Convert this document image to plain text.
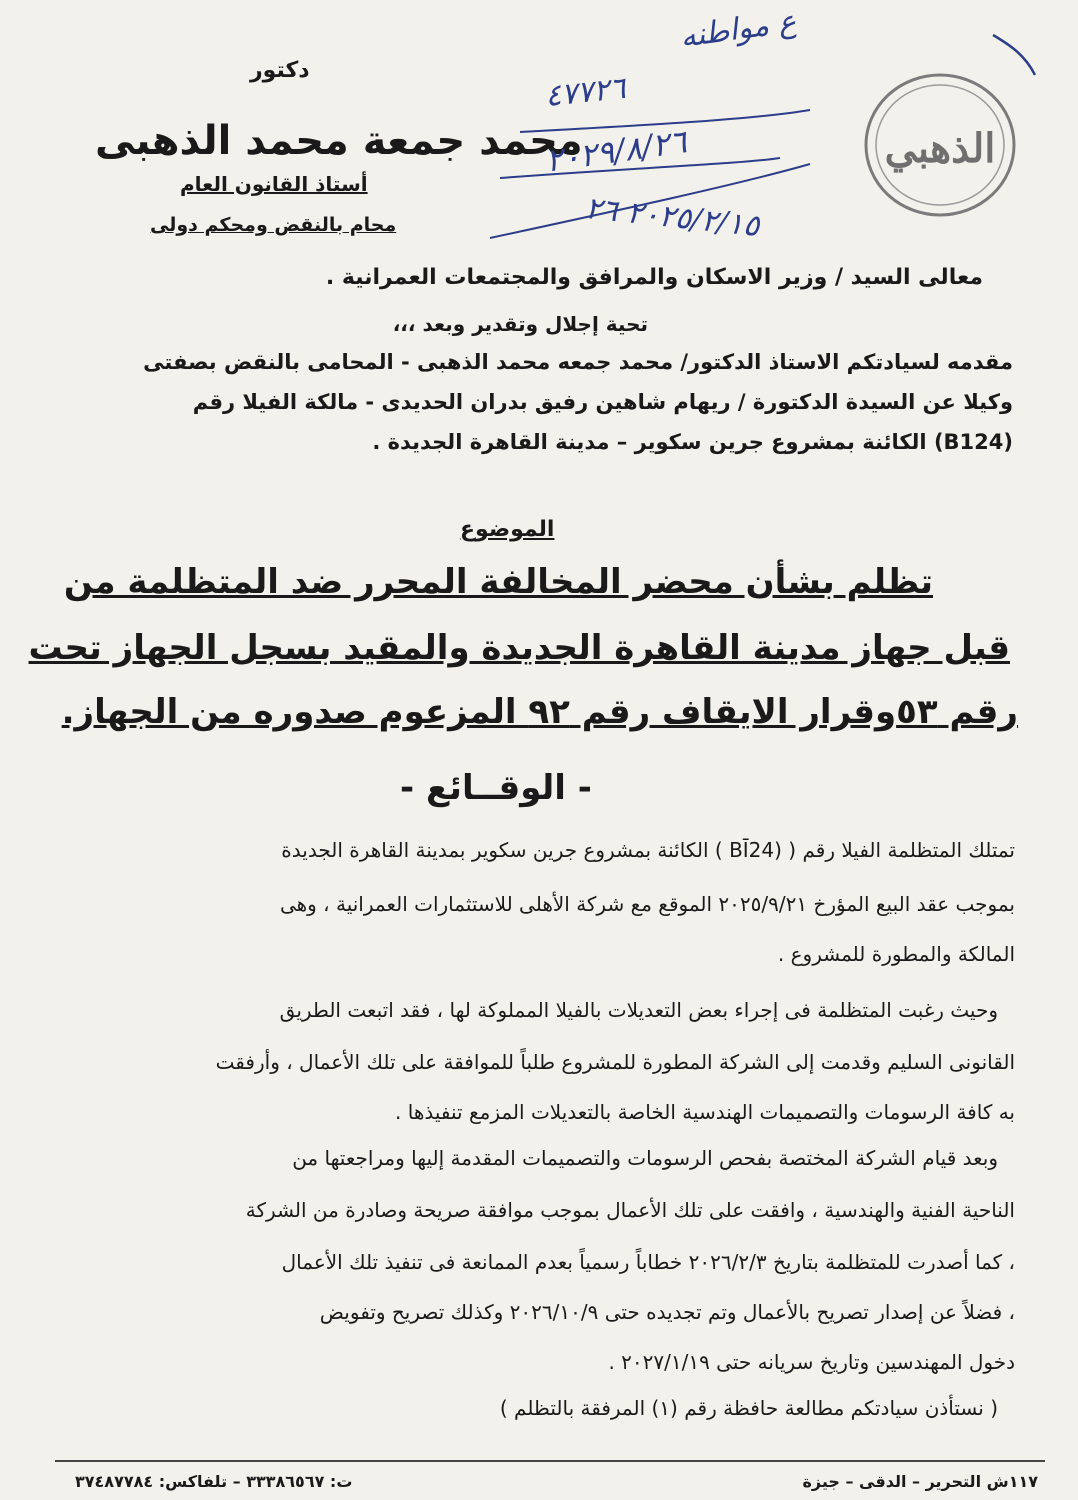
دكتور
محمد جمعة محمد الذهبى
أستاذ القانون العام
محام بالنقض ومحكم دولى
ع مواطنه
٤٧٧٢٦
٢٠٢٩/٨/٢٦
٢٠٢٥/٢/١٥ ٢٦
الذهبي
معالى السيد / وزير الاسكان والمرافق والمجتمعات العمرانية .
تحية إجلال وتقدير وبعد ،،،
مقدمه لسيادتكم الاستاذ الدكتور/ محمد جمعه محمد الذهبى - المحامى بالنقض بصفتى
وكيلا عن السيدة الدكتورة / ريهام شاهين رفيق بدران الحديدى - مالكة الفيلا رقم
(B124) الكائنة بمشروع جرين سكوير – مدينة القاهرة الجديدة .
الموضوع
تظلم بشأن محضر المخالفة المحرر ضد المتظلمة من
قبل جهاز مدينة القاهرة الجديدة والمقيد بسجل الجهاز تحت
رقم ٥٣وقرار الايقاف رقم ٩٢ المزعوم صدوره من الجهاز.
- الوقــائع -
تمتلك المتظلمة الفيلا رقم ( (BĪ24 ) الكائنة بمشروع جرين سكوير بمدينة القاهرة الجديدة
بموجب عقد البيع المؤرخ ٢٠٢٥/٩/٢١ الموقع مع شركة الأهلى للاستثمارات العمرانية ، وهى
المالكة والمطورة للمشروع .
وحيث رغبت المتظلمة فى إجراء بعض التعديلات بالفيلا المملوكة لها ، فقد اتبعت الطريق
القانونى السليم وقدمت إلى الشركة المطورة للمشروع طلباً للموافقة على تلك الأعمال ، وأرفقت
به كافة الرسومات والتصميمات الهندسية الخاصة بالتعديلات المزمع تنفيذها .
وبعد قيام الشركة المختصة بفحص الرسومات والتصميمات المقدمة إليها ومراجعتها من
الناحية الفنية والهندسية ، وافقت على تلك الأعمال بموجب موافقة صريحة وصادرة من الشركة
، كما أصدرت للمتظلمة بتاريخ ٢٠٢٦/٢/٣ خطاباً رسمياً بعدم الممانعة فى تنفيذ تلك الأعمال
، فضلاً عن إصدار تصريح بالأعمال وتم تجديده حتى ٢٠٢٦/١٠/٩ وكذلك تصريح وتفويض
دخول المهندسين وتاريخ سريانه حتى ٢٠٢٧/١/١٩ .
( نستأذن سيادتكم مطالعة حافظة رقم (١) المرفقة بالتظلم )
١١٧ش التحرير – الدقى – جيزة
ت: ٣٣٣٨٦٥٦٧ – تلفاكس: ٣٧٤٨٧٧٨٤
